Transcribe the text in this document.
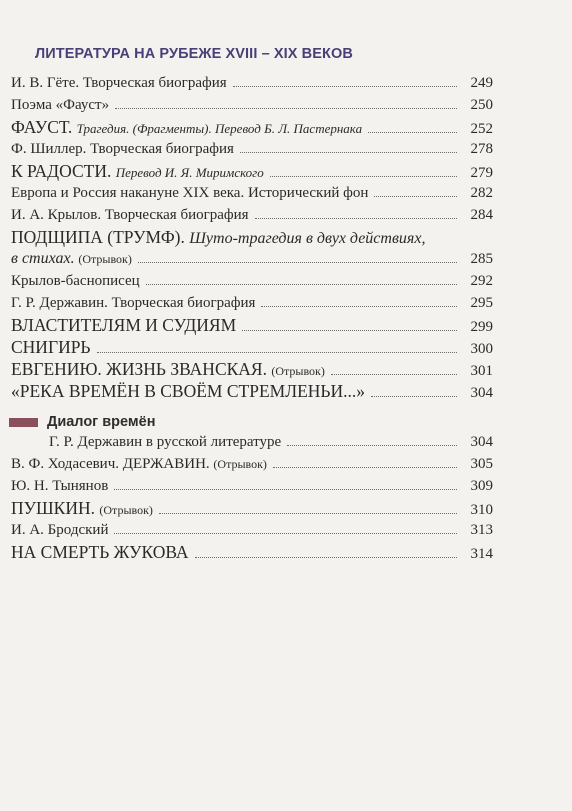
ЛИТЕРАТУРА НА РУБЕЖЕ XVIII – XIX ВЕКОВ
И. В. Гёте. Творческая биография	249
Поэма «Фауст»	250
ФАУСТ. Трагедия. (Фрагменты). Перевод Б. Л. Пастернака	252
Ф. Шиллер. Творческая биография	278
К РАДОСТИ. Перевод И. Я. Миримского	279
Европа и Россия накануне XIX века. Исторический фон	282
И. А. Крылов. Творческая биография	284
ПОДЩИПА (ТРУМФ). Шуто-трагедия в двух действиях,
в стихах. (Отрывок)	285
Крылов-баснописец	292
Г. Р. Державин. Творческая биография	295
ВЛАСТИТЕЛЯМ И СУДИЯМ	299
СНИГИРЬ	300
ЕВГЕНИЮ. ЖИЗНЬ ЗВАНСКАЯ. (Отрывок)	301
«РЕКА ВРЕМЁН В СВОЁМ СТРЕМЛЕНЬИ...»	304
Диалог времён
Г. Р. Державин в русской литературе	304
В. Ф. Ходасевич. ДЕРЖАВИН. (Отрывок)	305
Ю. Н. Тынянов	309
ПУШКИН. (Отрывок)	310
И. А. Бродский	313
НА СМЕРТЬ ЖУКОВА	314
